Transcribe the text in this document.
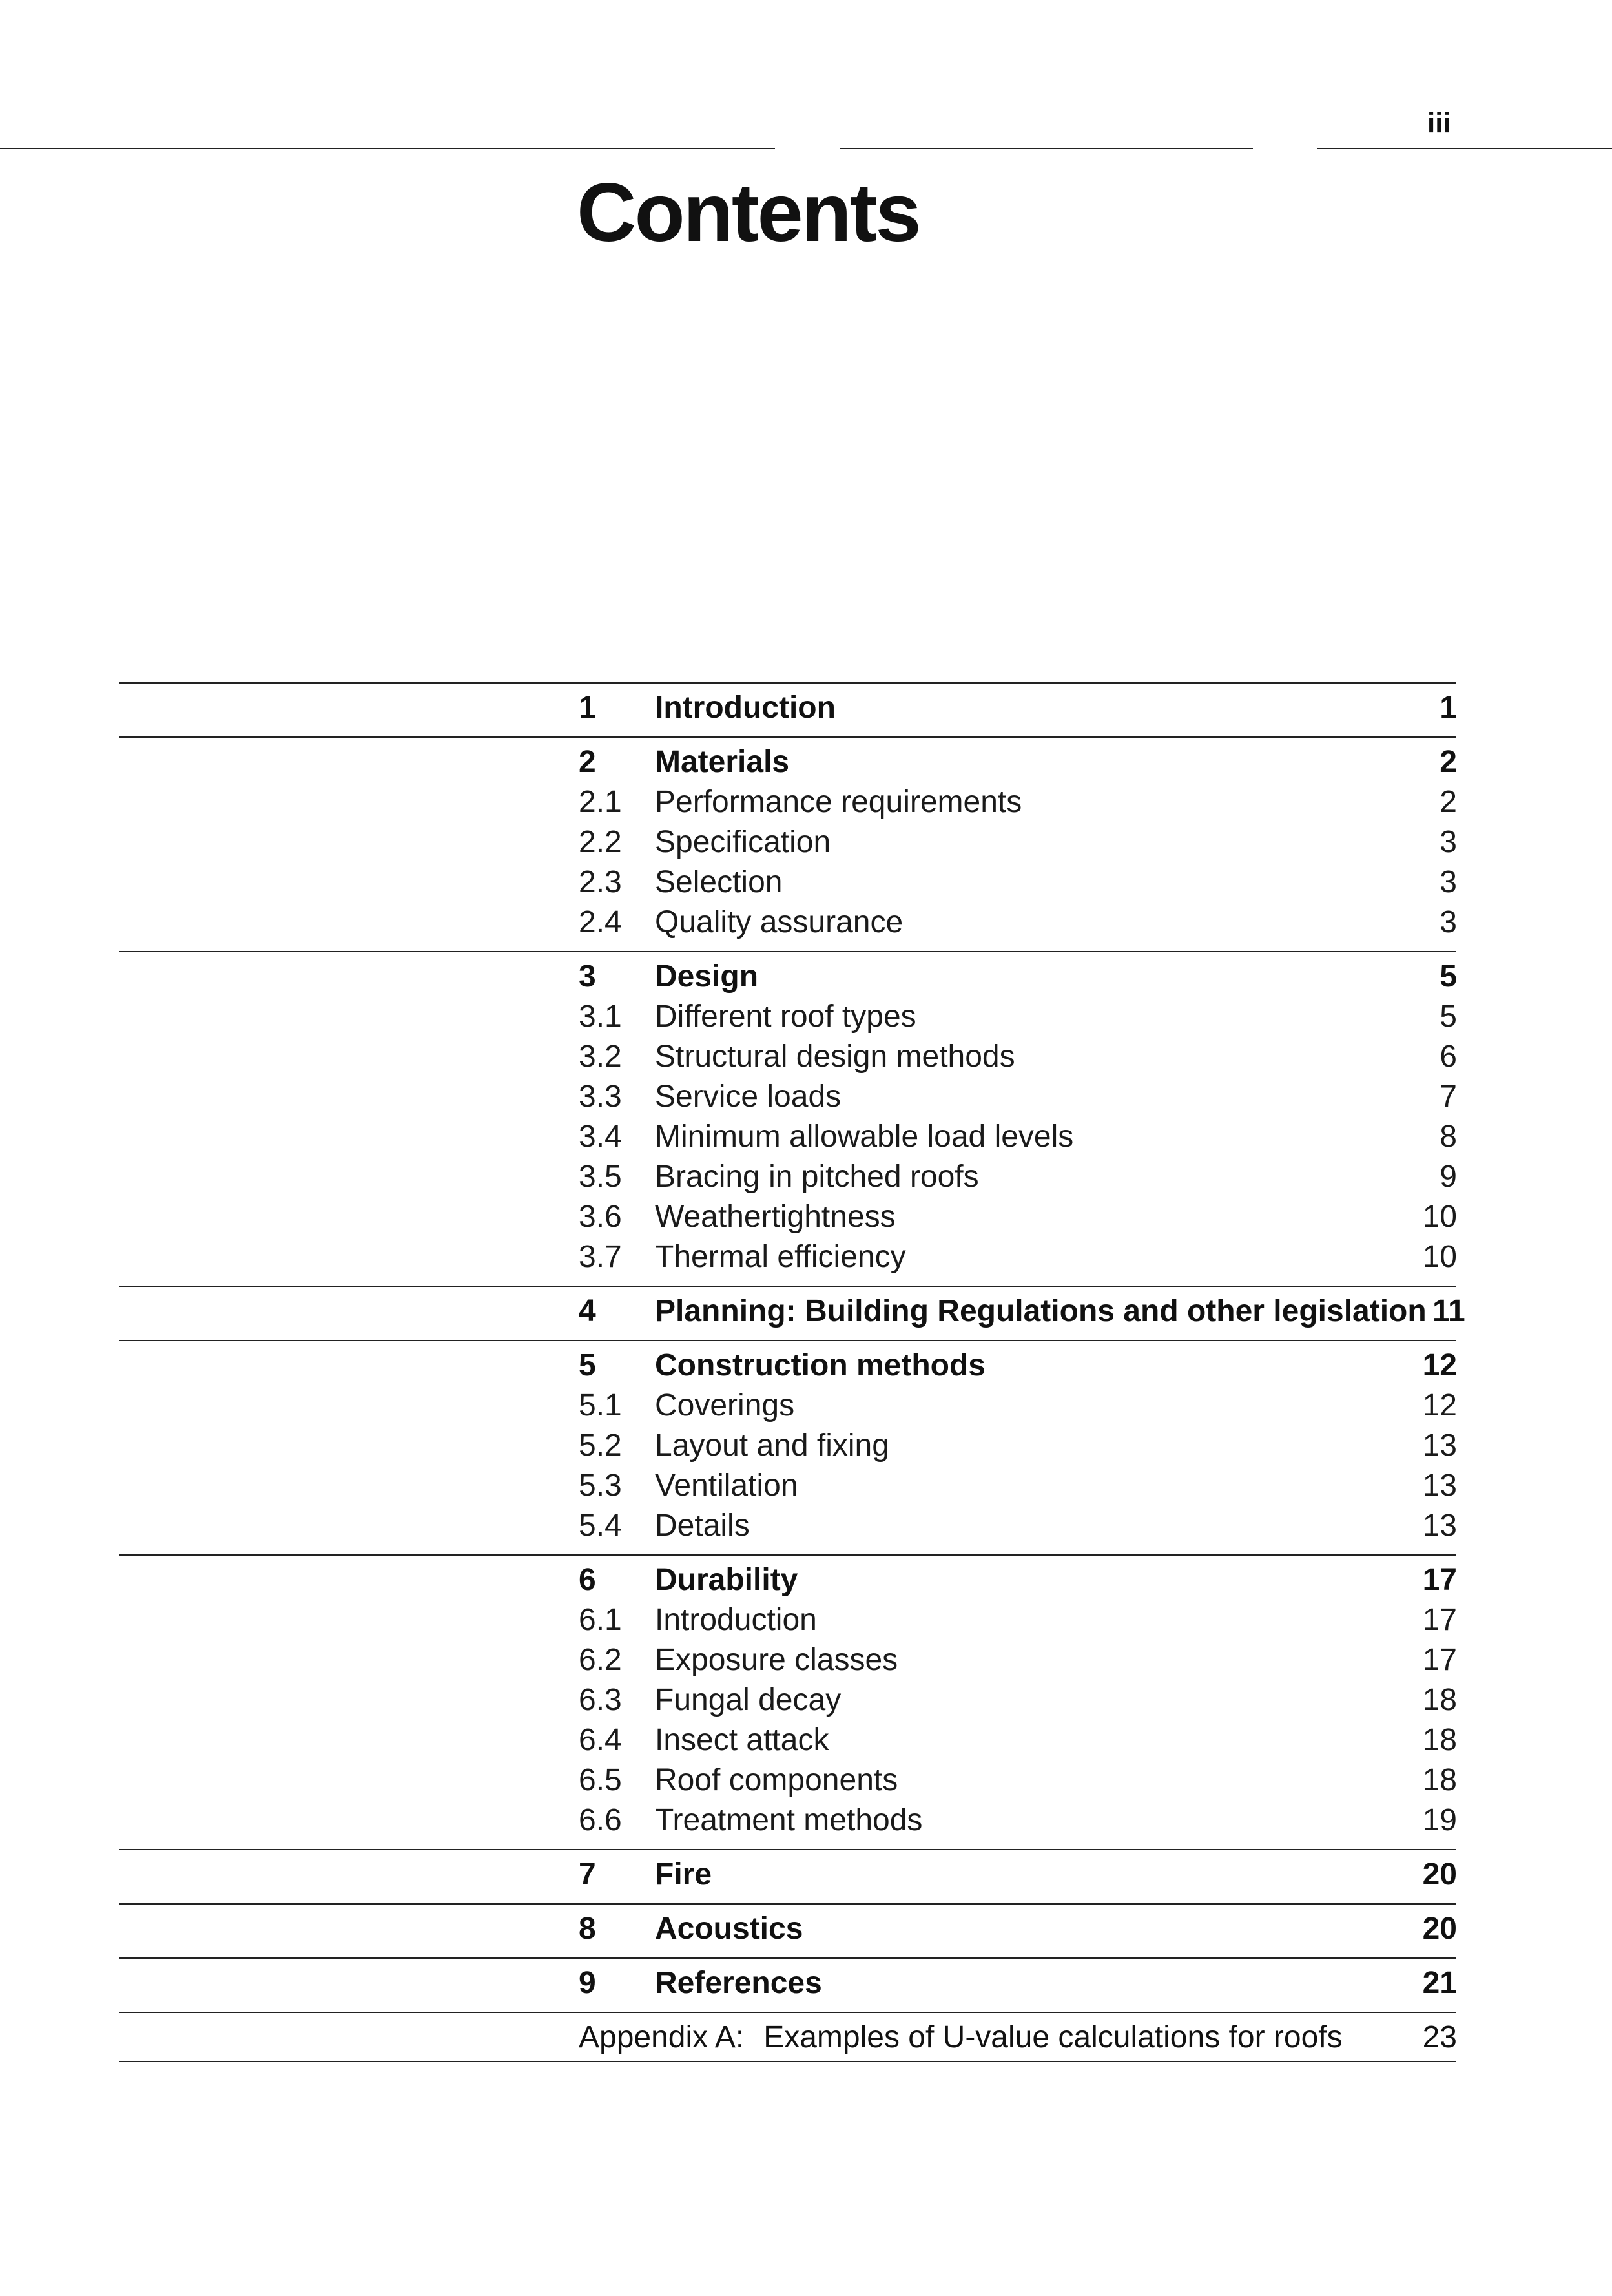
iii
Contents
1	Introduction	1
2	Materials	2
2.1	Performance requirements	2
2.2	Specification	3
2.3	Selection	3
2.4	Quality assurance	3
3	Design	5
3.1	Different roof types	5
3.2	Structural design methods	6
3.3	Service loads	7
3.4	Minimum allowable load levels	8
3.5	Bracing in pitched roofs	9
3.6	Weathertightness	10
3.7	Thermal efficiency	10
4	Planning: Building Regulations and other legislation 11
5	Construction methods	12
5.1	Coverings	12
5.2	Layout and fixing	13
5.3	Ventilation	13
5.4	Details	13
6	Durability	17
6.1	Introduction	17
6.2	Exposure classes	17
6.3	Fungal decay	18
6.4	Insect attack	18
6.5	Roof components	18
6.6	Treatment methods	19
7	Fire	20
8	Acoustics	20
9	References	21
Appendix A: Examples of U-value calculations for roofs	23
